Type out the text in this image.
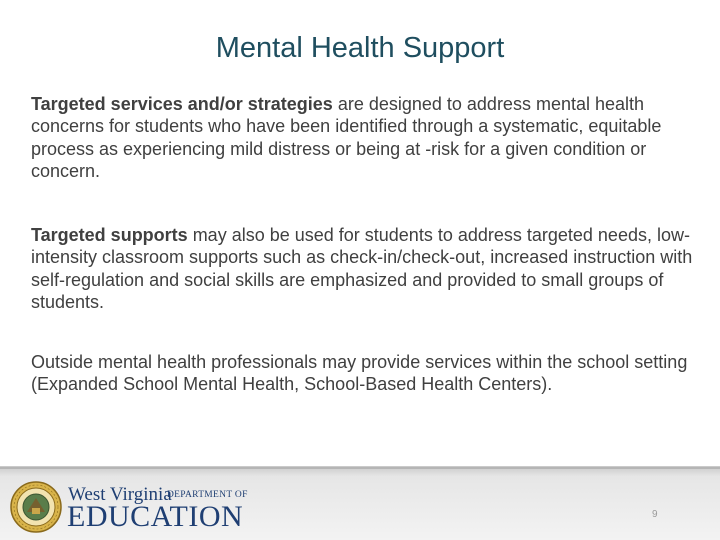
Mental Health Support

Targeted services and/or strategies are designed to address mental health concerns for students who have been identified through a systematic, equitable process as experiencing mild distress or being at -risk for a given condition or concern.

Targeted supports may also be used for students to address targeted needs, low-intensity classroom supports such as check-in/check-out, increased instruction with self-regulation and social skills are emphasized and provided to small groups of students.

Outside mental health professionals may provide services within the school setting (Expanded School Mental Health, School-Based Health Centers).

West Virginia
DEPARTMENT OF
EDUCATION	9
